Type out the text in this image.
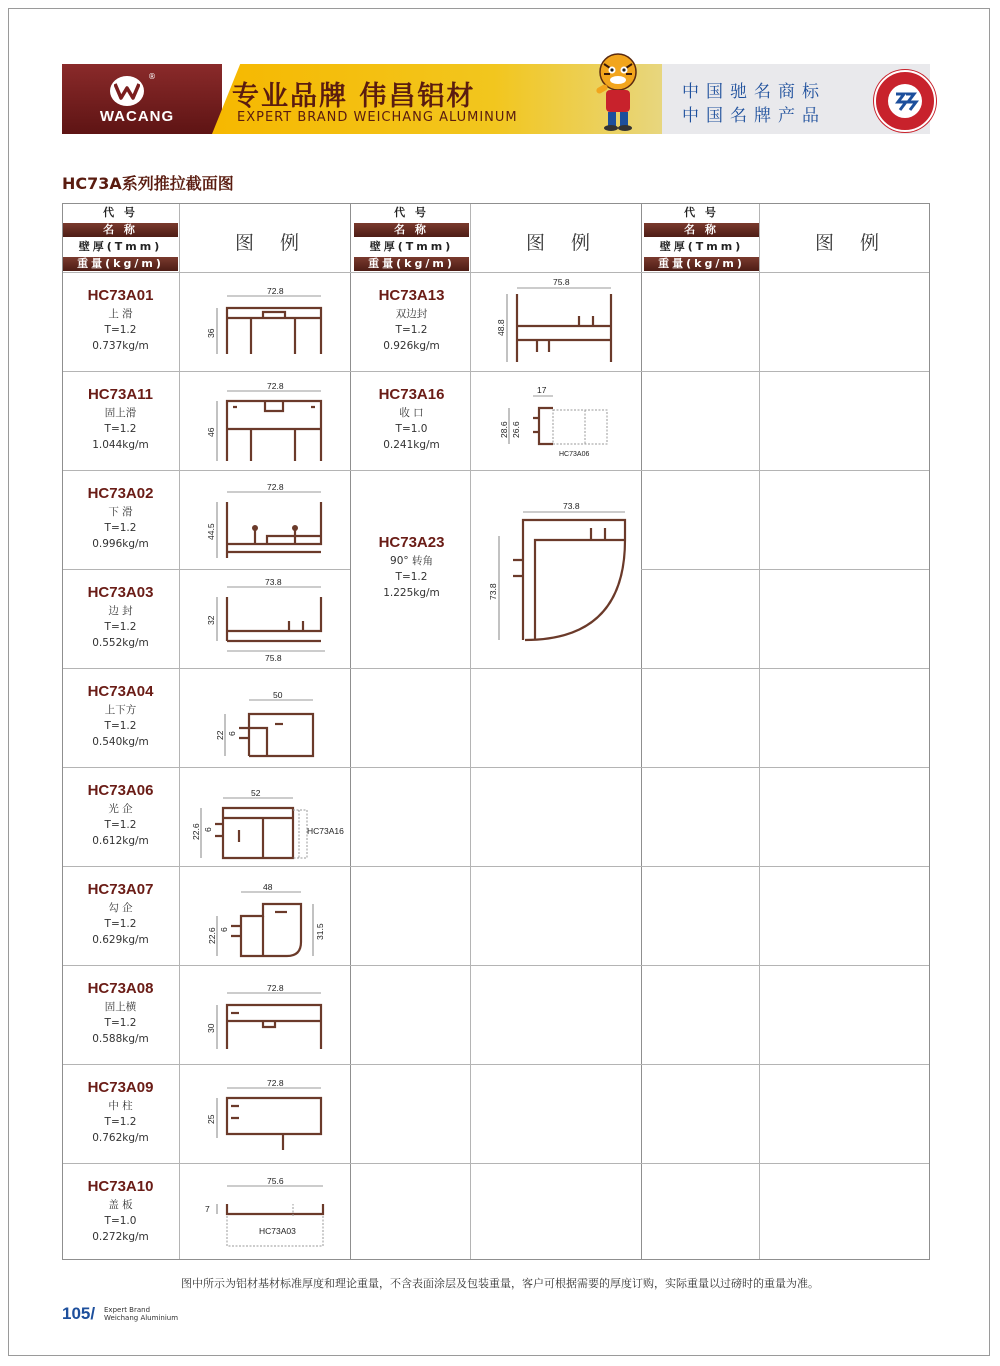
®
WACANG
专业品牌 伟昌铝材
EXPERT BRAND WEICHANG ALUMINUM
中国驰名商标
中国名牌产品
HC73A系列推拉截面图
代 号
名 称
壁厚(Tmm)
重量(kg/m)
图 例
代 号
名 称
壁厚(Tmm)
重量(kg/m)
图 例
代 号
名 称
壁厚(Tmm)
重量(kg/m)
图 例
HC73A01
上 滑
T=1.2
0.737kg/m
72.8
36
HC73A11
固上滑
T=1.2
1.044kg/m
72.8
46
HC73A02
下 滑
T=1.2
0.996kg/m
72.8
44.5
HC73A03
边 封
T=1.2
0.552kg/m
73.8
32
75.8
HC73A04
上下方
T=1.2
0.540kg/m
50
22 6
HC73A06
光 企
T=1.2
0.612kg/m
52
22.6 6	HC73A16
HC73A07
勾 企
T=1.2
0.629kg/m
48
22.6 6	31.5
HC73A08
固上横
T=1.2
0.588kg/m
72.8
30
HC73A09
中 柱
T=1.2
0.762kg/m
72.8
25
HC73A10
盖 板
T=1.0
0.272kg/m
75.6
7
HC73A03
HC73A13
双边封
T=1.2
0.926kg/m
75.8
48.8
HC73A16
收 口
T=1.0
0.241kg/m
17
28.6 26.6
HC73A06
HC73A23
90° 转角
T=1.2
1.225kg/m
73.8
73.8
图中所示为铝材基材标准厚度和理论重量，不含表面涂层及包装重量，客户可根据需要的厚度订购，实际重量以过磅时的重量为准。
105/ Expert Brand
Weichang Aluminium
